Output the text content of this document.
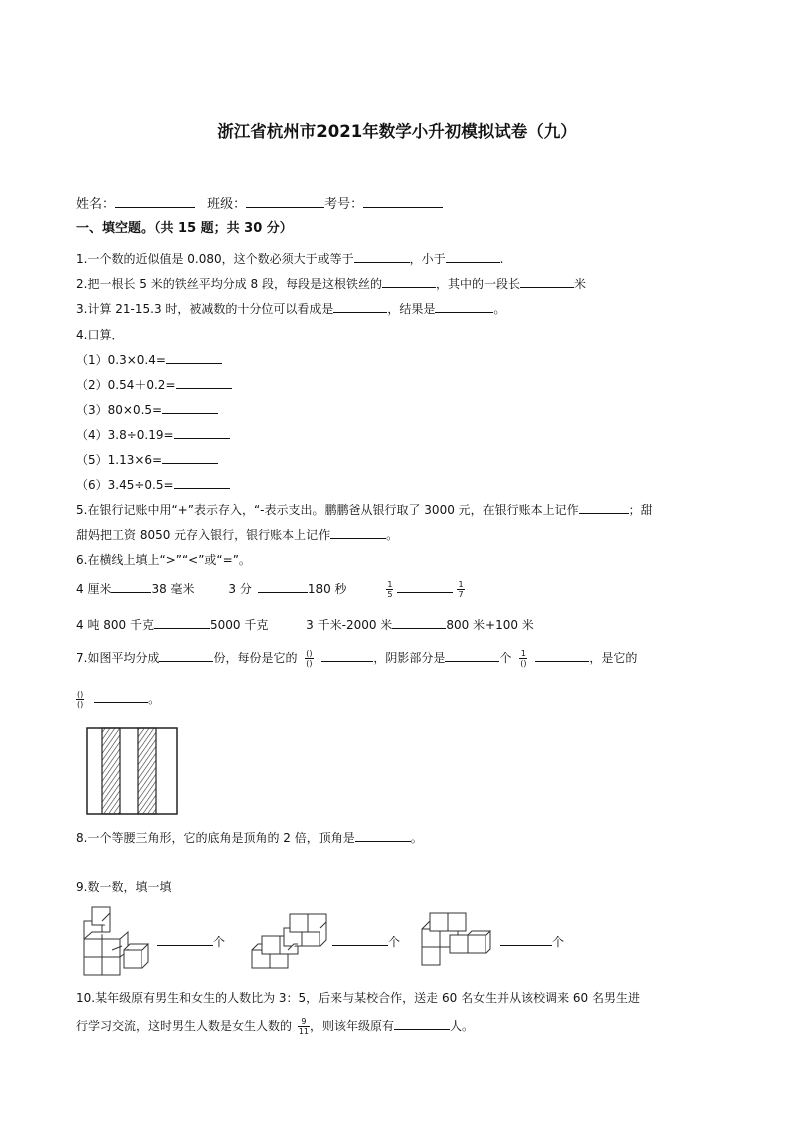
浙江省杭州市2021年数学小升初模拟试卷（九）
姓名：	班级：	考号：
一、填空题。（共 15 题；共 30 分）
1.一个数的近似值是 0.080，这个数必须大于或等于	，小于	.
2.把一根长 5 米的铁丝平均分成 8 段，每段是这根铁丝的	，其中的一段长	米
3.计算 21-15.3 时，被减数的十分位可以看成是	，结果是	。
4.口算．
（1）0.3×0.4=
（2）0.54＋0.2=
（3）80×0.5=
（4）3.8÷0.19=
（5）1.13×6=
（6）3.45÷0.5=
5.在银行记账中用“+”表示存入，“-表示支出。鹏鹏爸从银行取了 3000 元，在银行账本上记作	；甜
甜妈把工资 8050 元存入银行，银行账本上记作	。
6.在横线上填上“>”“<”或“=”。
4 厘米	38 毫米	3 分	180 秒	$\frac{1}{5}$	$\frac{1}{7}$
4 吨 800 千克	5000 千克	3 千米-2000 米	800 米+100 米
7.如图平均分成	份，每份是它的 $\frac{()}{()}$	，阴影部分是	个 $\frac{1}{()}$	，是它的
$\frac{()}{()}$	。
8.一个等腰三角形，它的底角是顶角的 2 倍，顶角是	。
9.数一数，填一填
个	个	个
10.某年级原有男生和女生的人数比为 3：5，后来与某校合作，送走 60 名女生并从该校调来 60 名男生进
行学习交流，这时男生人数是女生人数的 $\frac{9}{11}$ ，则该年级原有	人。
